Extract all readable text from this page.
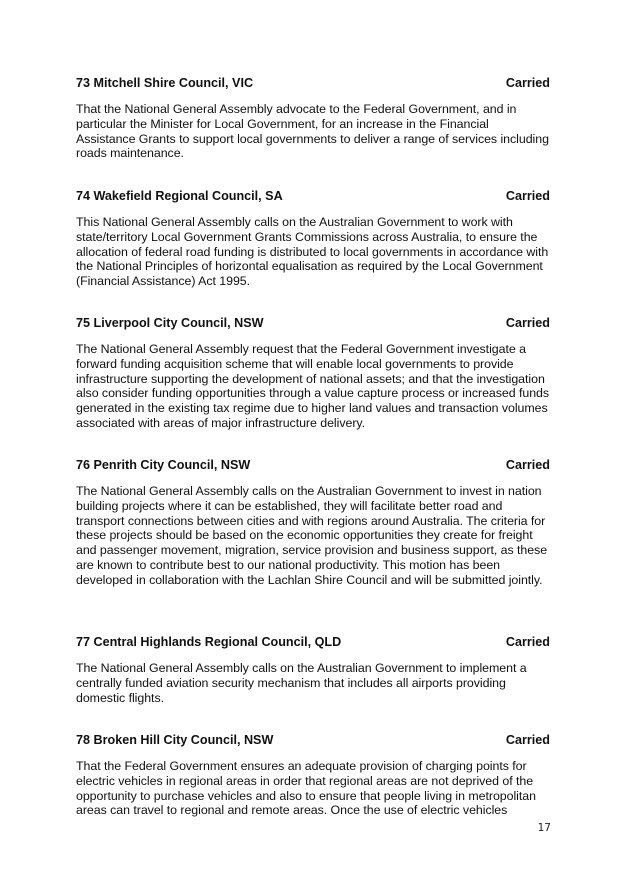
73 Mitchell Shire Council, VIC	Carried

That the National General Assembly advocate to the Federal Government, and in particular the Minister for Local Government, for an increase in the Financial Assistance Grants to support local governments to deliver a range of services including roads maintenance.

74 Wakefield Regional Council, SA	Carried

This National General Assembly calls on the Australian Government to work with state/territory Local Government Grants Commissions across Australia, to ensure the allocation of federal road funding is distributed to local governments in accordance with the National Principles of horizontal equalisation as required by the Local Government (Financial Assistance) Act 1995.

75 Liverpool City Council, NSW	Carried

The National General Assembly request that the Federal Government investigate a forward funding acquisition scheme that will enable local governments to provide infrastructure supporting the development of national assets; and that the investigation also consider funding opportunities through a value capture process or increased funds generated in the existing tax regime due to higher land values and transaction volumes associated with areas of major infrastructure delivery.

76 Penrith City Council, NSW	Carried

The National General Assembly calls on the Australian Government to invest in nation building projects where it can be established, they will facilitate better road and transport connections between cities and with regions around Australia. The criteria for these projects should be based on the economic opportunities they create for freight and passenger movement, migration, service provision and business support, as these are known to contribute best to our national productivity. This motion has been developed in collaboration with the Lachlan Shire Council and will be submitted jointly.

77 Central Highlands Regional Council, QLD	Carried

The National General Assembly calls on the Australian Government to implement a centrally funded aviation security mechanism that includes all airports providing domestic flights.

78 Broken Hill City Council, NSW	Carried

That the Federal Government ensures an adequate provision of charging points for electric vehicles in regional areas in order that regional areas are not deprived of the opportunity to purchase vehicles and also to ensure that people living in metropolitan areas can travel to regional and remote areas. Once the use of electric vehicles

17
